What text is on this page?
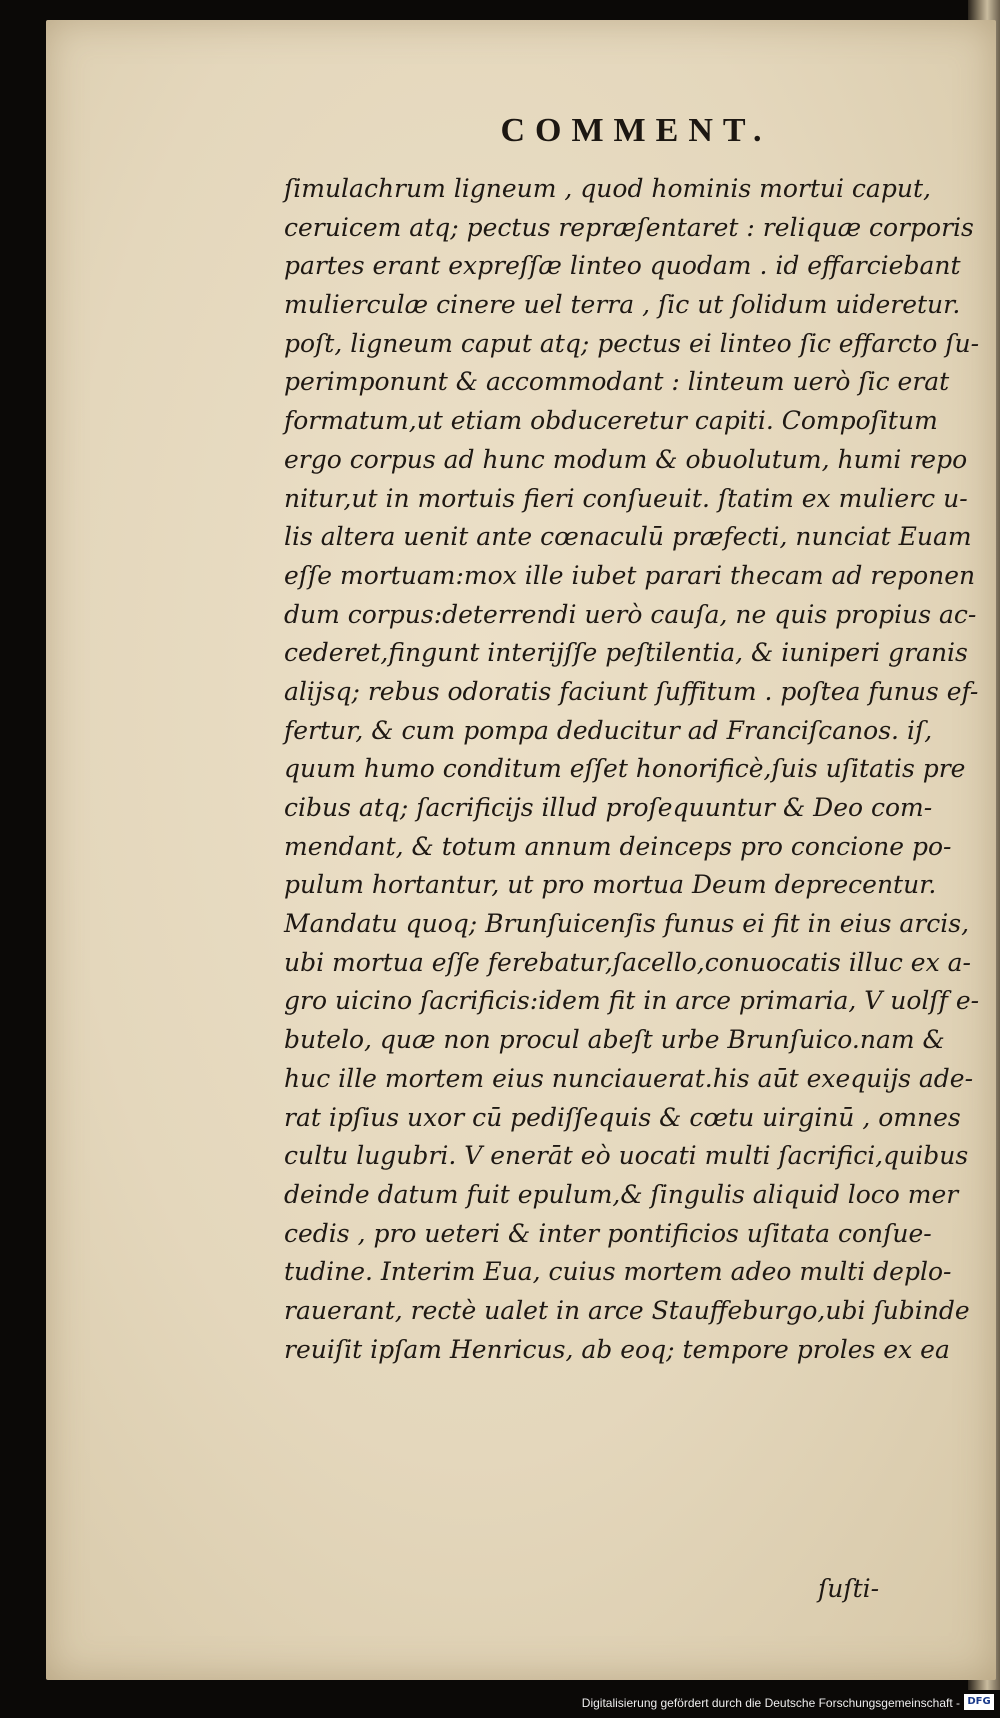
COMMENT.
ſimulachrum ligneum , quod hominis mortui caput,
ceruicem atq; pectus repræſentaret : reliquæ corporis
partes erant expreſſæ linteo quodam . id effarciebant
mulierculæ cinere uel terra , ſic ut ſolidum uideretur.
poſt, ligneum caput atq; pectus ei linteo ſic effarcto ſu-
perimponunt & accommodant : linteum uerò ſic erat
formatum,ut etiam obduceretur capiti. Compoſitum
ergo corpus ad hunc modum & obuolutum, humi repo
nitur,ut in mortuis fieri conſueuit. ſtatim ex mulierc u-
lis altera uenit ante cœnaculū præfecti, nunciat Euam
eſſe mortuam:mox ille iubet parari thecam ad reponen
dum corpus:deterrendi uerò cauſa, ne quis propius ac-
cederet,fingunt interijſſe peſtilentia, & iuniperi granis
alijsq; rebus odoratis faciunt ſuffitum . poſtea funus ef-
fertur, & cum pompa deducitur ad Franciſcanos. iſ,
quum humo conditum eſſet honorificè,ſuis uſitatis pre
cibus atq; ſacrificijs illud proſequuntur & Deo com-
mendant, & totum annum deinceps pro concione po-
pulum hortantur, ut pro mortua Deum deprecentur.
Mandatu quoq; Brunſuicenſis funus ei fit in eius arcis,
ubi mortua eſſe ferebatur,ſacello,conuocatis illuc ex a-
gro uicino ſacrificis:idem fit in arce primaria, V uolſf e-
butelo, quæ non procul abeſt urbe Brunſuico.nam &
huc ille mortem eius nunciauerat.his aūt exequijs ade-
rat ipſius uxor cū pediſſequis & cœtu uirginū , omnes
cultu lugubri. V enerāt eò uocati multi ſacrifici,quibus
deinde datum fuit epulum,& ſingulis aliquid loco mer
cedis , pro ueteri & inter pontificios uſitata conſue-
tudine. Interim Eua, cuius mortem adeo multi deplo-
rauerant, rectè ualet in arce Stauffeburgo,ubi ſubinde
reuiſit ipſam Henricus, ab eoq; tempore proles ex ea
ſuſti-
Digitalisierung gefördert durch die Deutsche Forschungsgemeinschaft - DFG
